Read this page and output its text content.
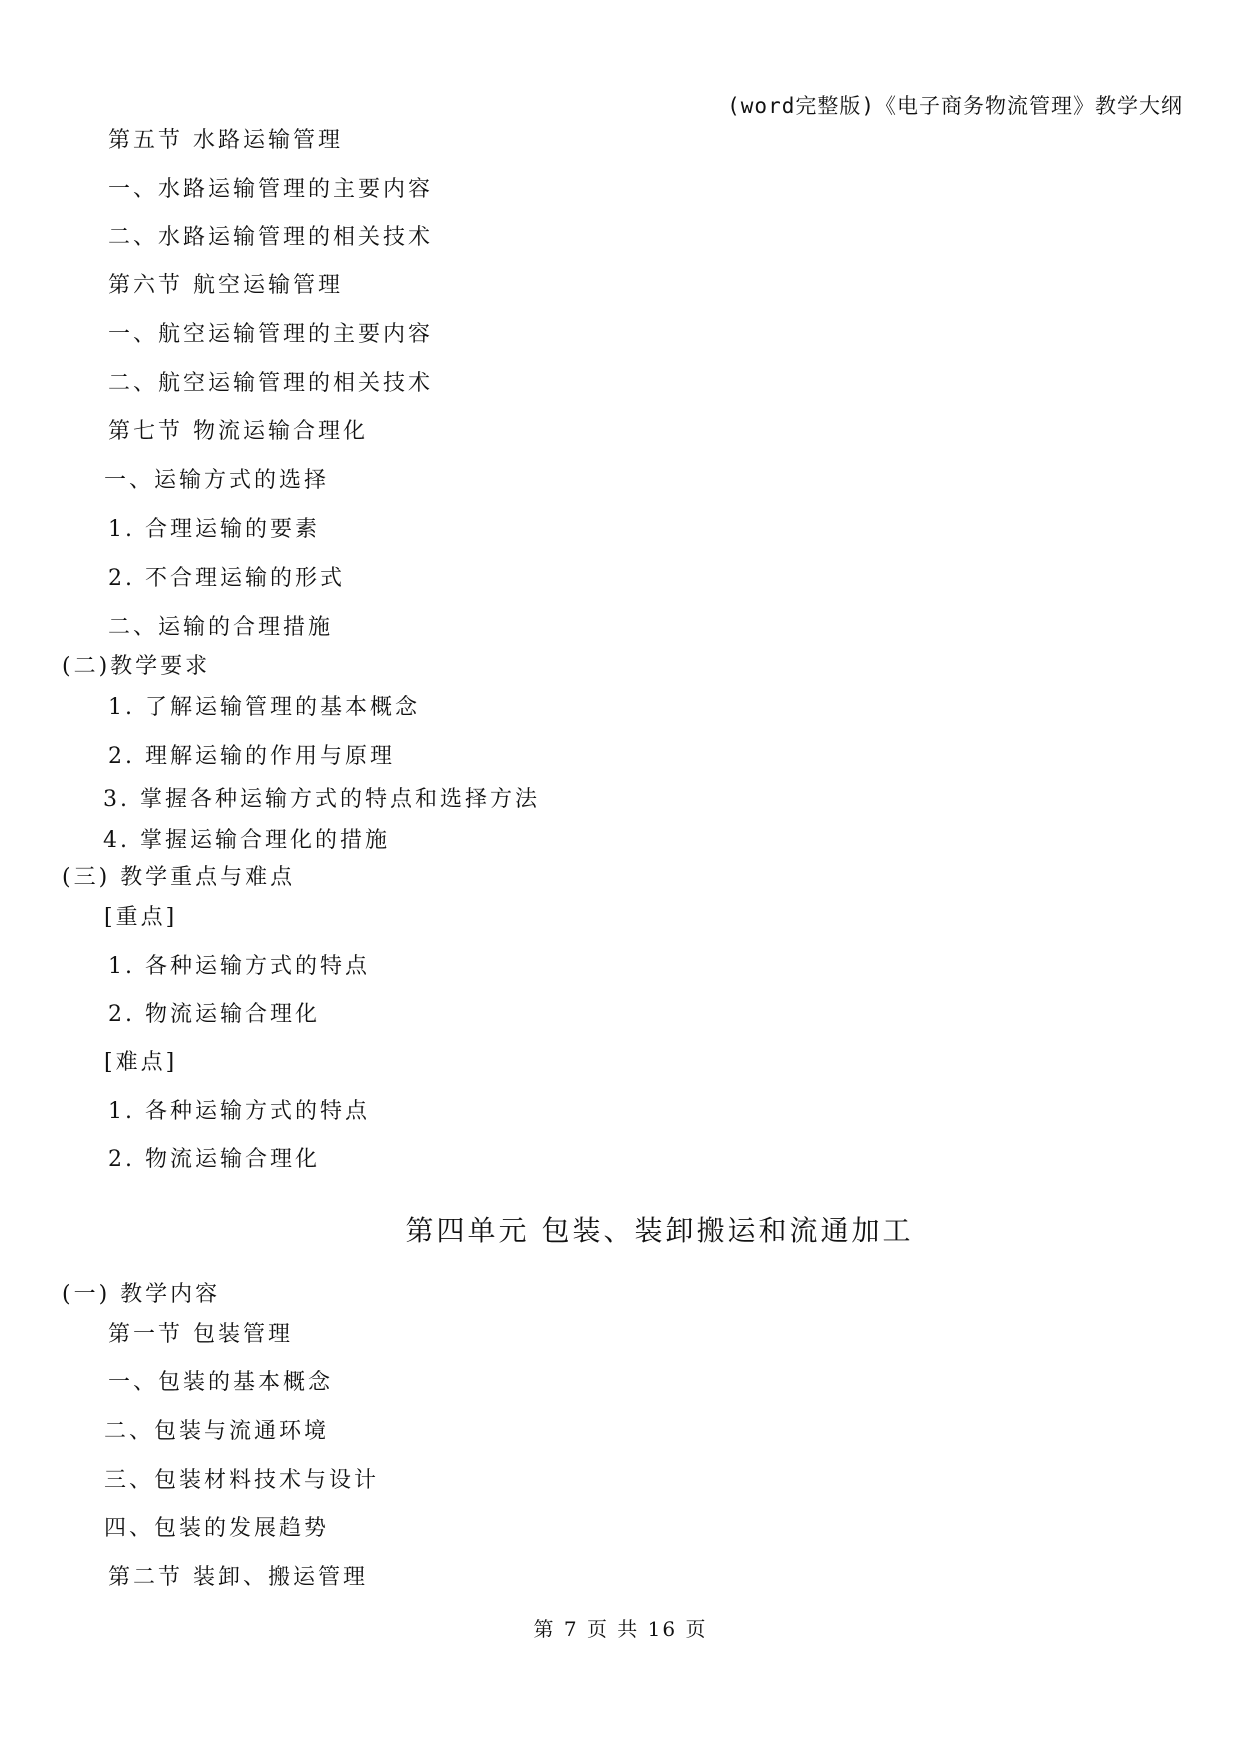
(word完整版)《电子商务物流管理》教学大纲
第五节 水路运输管理
一、水路运输管理的主要内容
二、水路运输管理的相关技术
第六节 航空运输管理
一、航空运输管理的主要内容
二、航空运输管理的相关技术
第七节 物流运输合理化
一、运输方式的选择
1. 合理运输的要素
2. 不合理运输的形式
二、运输的合理措施
(二)教学要求
1. 了解运输管理的基本概念
2. 理解运输的作用与原理
3. 掌握各种运输方式的特点和选择方法
4. 掌握运输合理化的措施
(三) 教学重点与难点
[重点]
1. 各种运输方式的特点
2. 物流运输合理化
[难点]
1. 各种运输方式的特点
2. 物流运输合理化
第四单元 包装、装卸搬运和流通加工
(一) 教学内容
第一节 包装管理
一、包装的基本概念
二、包装与流通环境
三、包装材料技术与设计
四、包装的发展趋势
第二节 装卸、搬运管理
第 7 页 共 16 页
